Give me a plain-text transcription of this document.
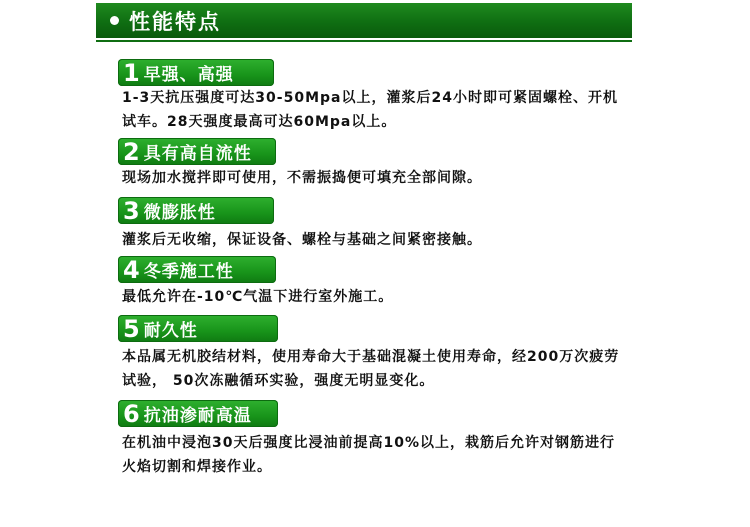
性能特点
1 早强、高强

1-3天抗压强度可达30-50Mpa以上，灌浆后24小时即可紧固螺栓、开机试车。28天强度最高可达60Mpa以上。

2 具有高自流性

现场加水搅拌即可使用，不需振捣便可填充全部间隙。

3 微膨胀性

灌浆后无收缩，保证设备、螺栓与基础之间紧密接触。

4 冬季施工性

最低允许在-10℃气温下进行室外施工。

5 耐久性

本品属无机胶结材料，使用寿命大于基础混凝土使用寿命，经200万次疲劳试验， 50次冻融循环实验，强度无明显变化。

6 抗油渗耐高温

在机油中浸泡30天后强度比浸油前提高10%以上，栽筋后允许对钢筋进行火焰切割和焊接作业。
